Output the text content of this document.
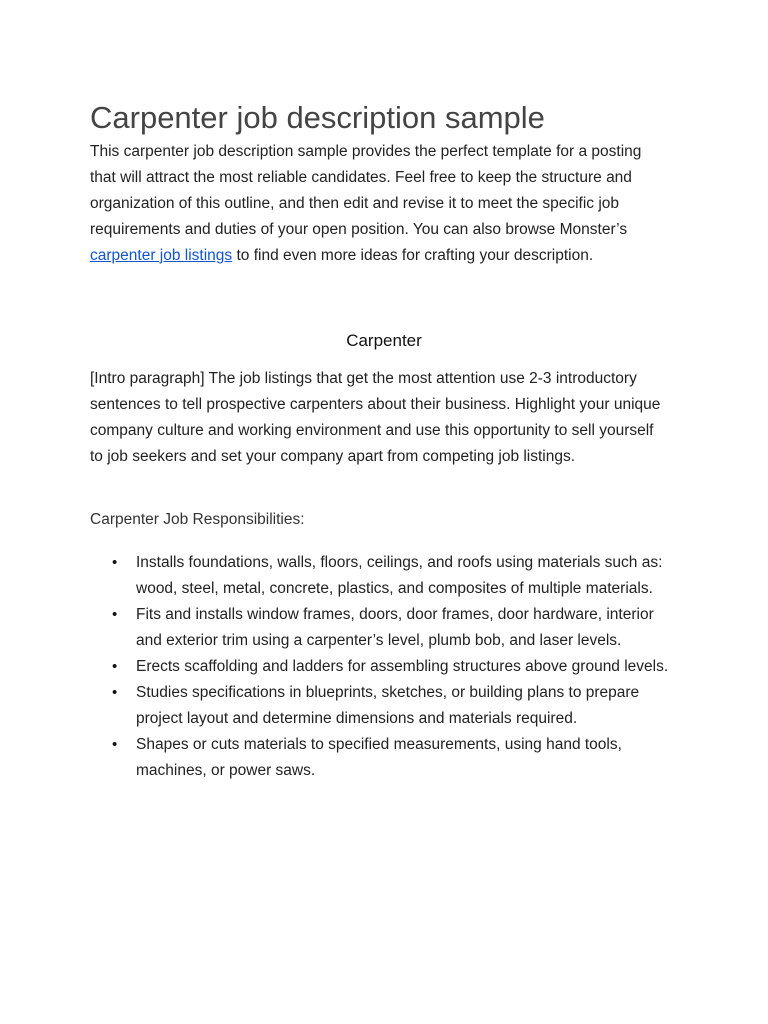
Carpenter job description sample

This carpenter job description sample provides the perfect template for a posting that will attract the most reliable candidates. Feel free to keep the structure and organization of this outline, and then edit and revise it to meet the specific job requirements and duties of your open position. You can also browse Monster’s carpenter job listings to find even more ideas for crafting your description.

Carpenter

[Intro paragraph] The job listings that get the most attention use 2-3 introductory sentences to tell prospective carpenters about their business. Highlight your unique company culture and working environment and use this opportunity to sell yourself to job seekers and set your company apart from competing job listings.

Carpenter Job Responsibilities:

• Installs foundations, walls, floors, ceilings, and roofs using materials such as: wood, steel, metal, concrete, plastics, and composites of multiple materials.
• Fits and installs window frames, doors, door frames, door hardware, interior and exterior trim using a carpenter’s level, plumb bob, and laser levels.
• Erects scaffolding and ladders for assembling structures above ground levels.
• Studies specifications in blueprints, sketches, or building plans to prepare project layout and determine dimensions and materials required.
• Shapes or cuts materials to specified measurements, using hand tools, machines, or power saws.
